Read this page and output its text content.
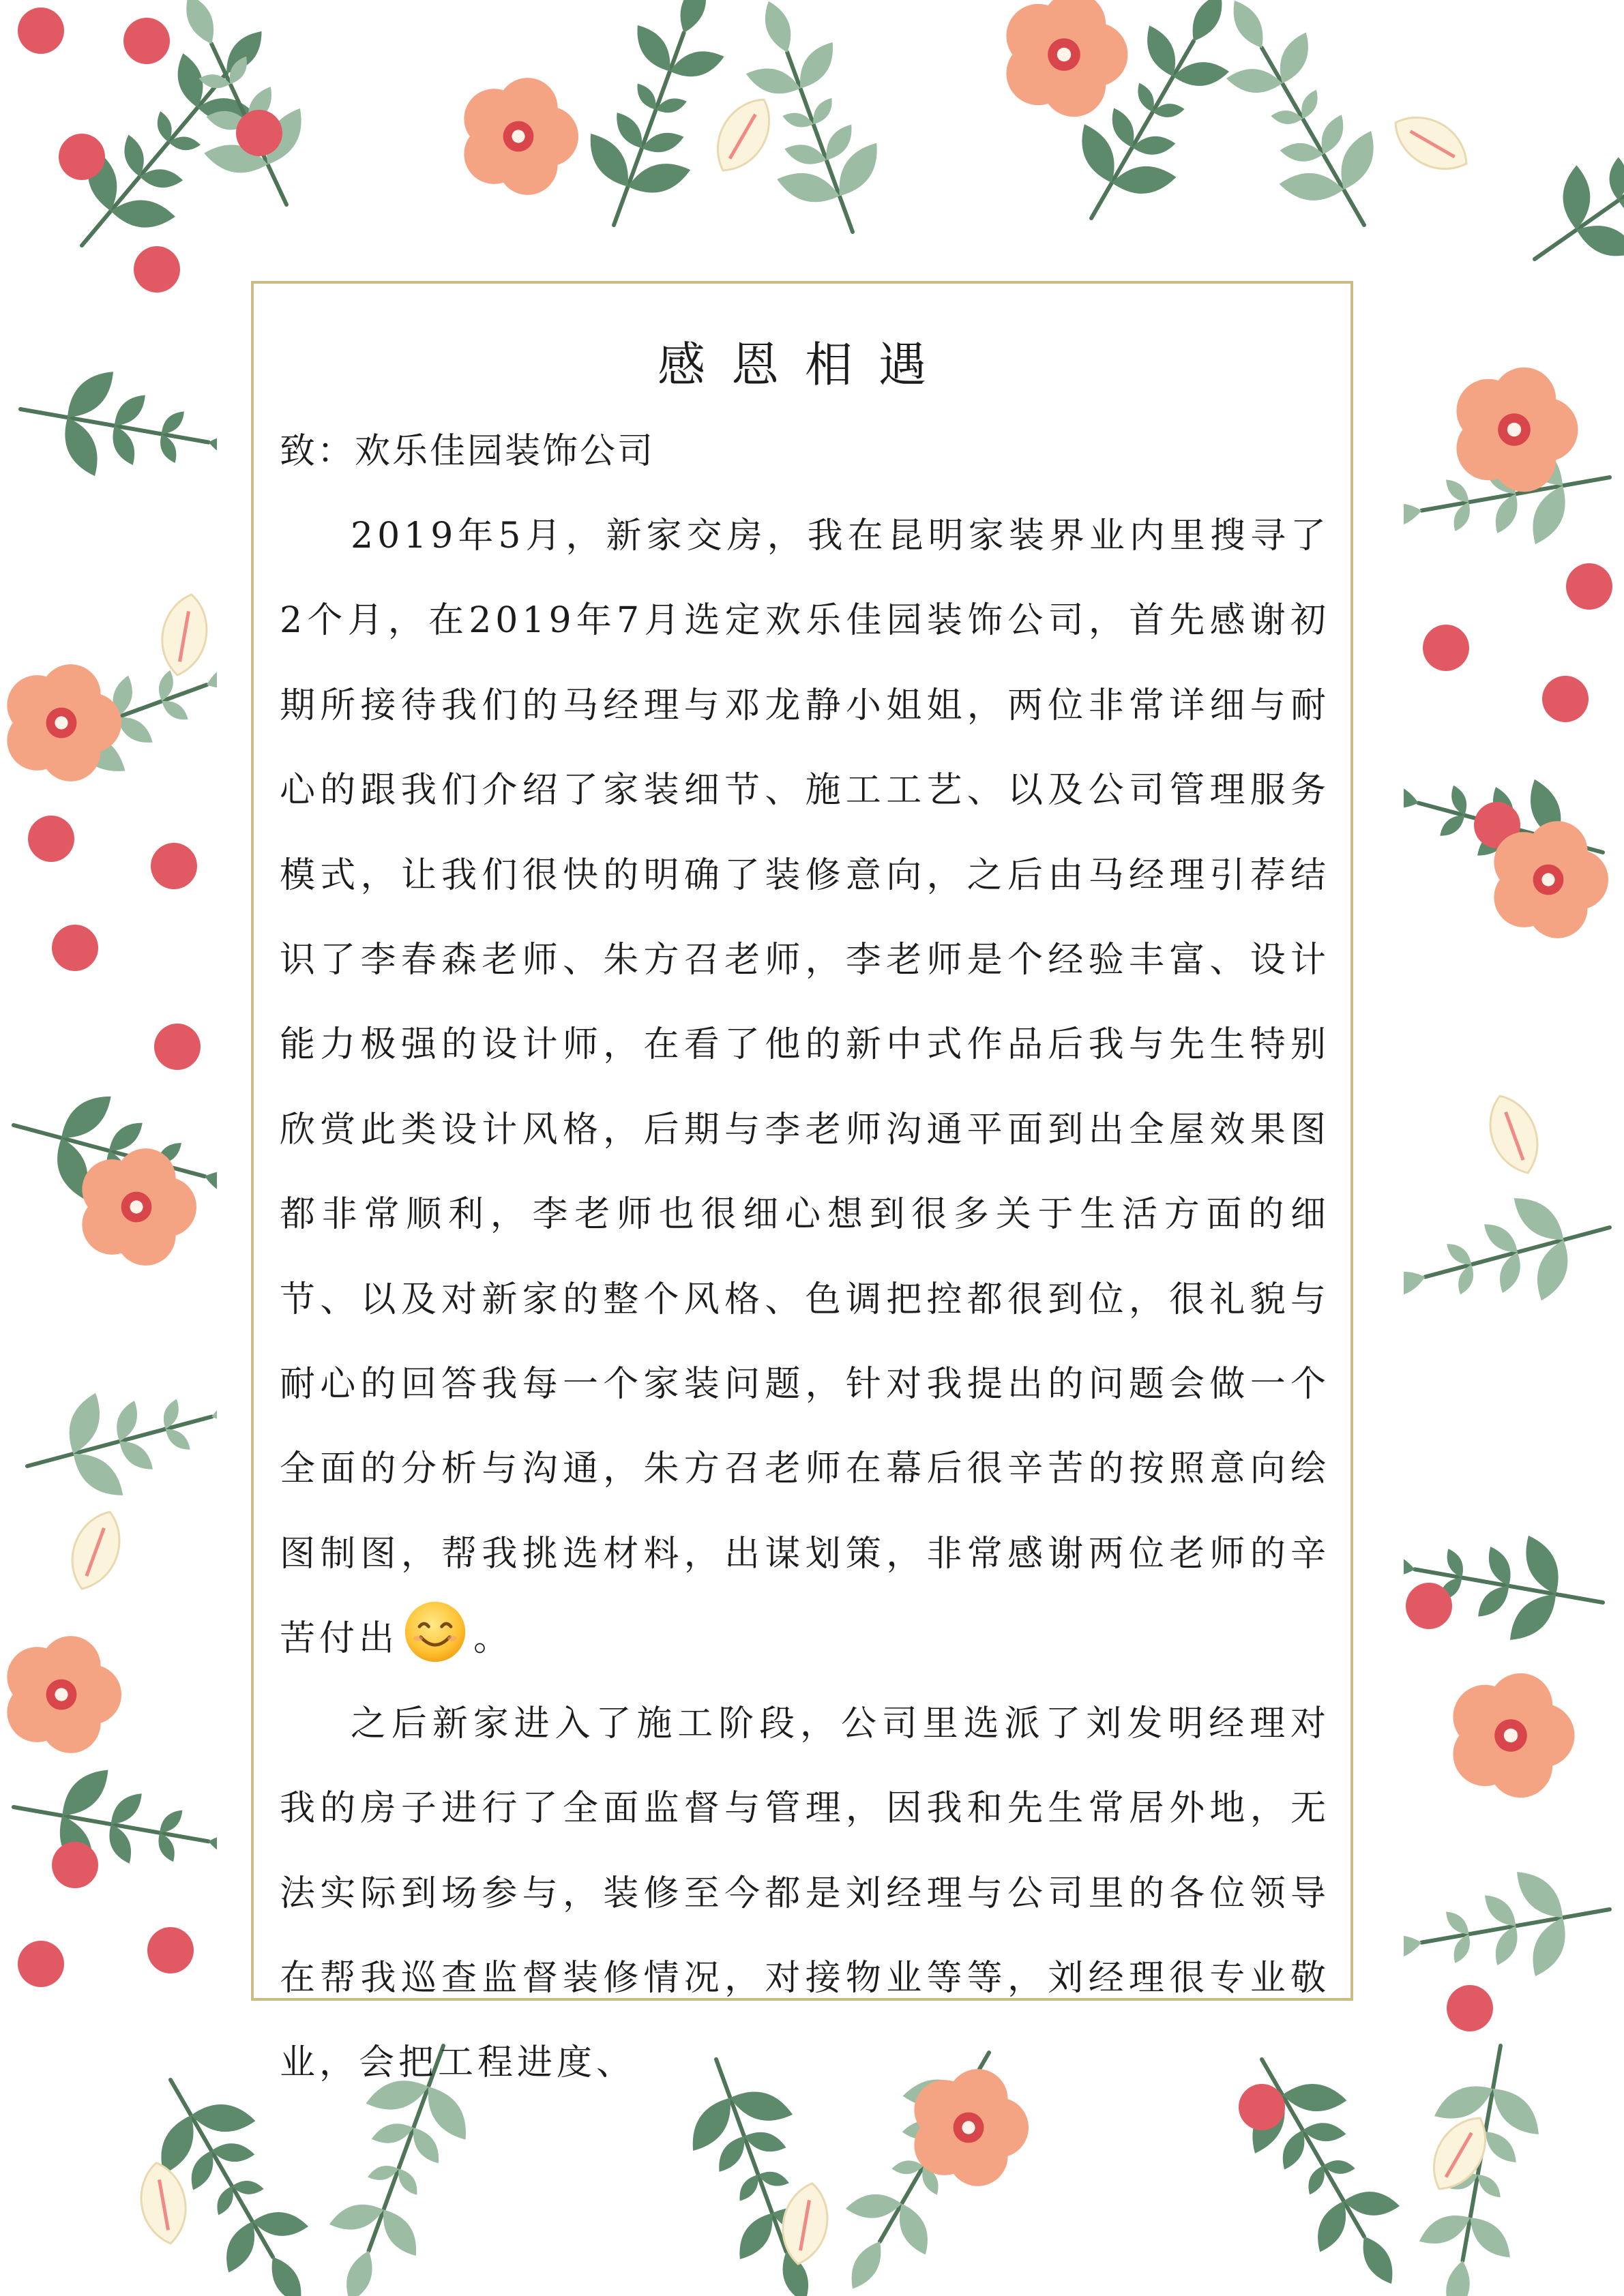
感恩相遇
致：欢乐佳园装饰公司

2019年5月，新家交房，我在昆明家装界业内里搜寻了2个月，在2019年7月选定欢乐佳园装饰公司，首先感谢初期所接待我们的马经理与邓龙静小姐姐，两位非常详细与耐心的跟我们介绍了家装细节、施工工艺、以及公司管理服务模式，让我们很快的明确了装修意向，之后由马经理引荐结识了李春森老师、朱方召老师，李老师是个经验丰富、设计能力极强的设计师，在看了他的新中式作品后我与先生特别欣赏此类设计风格，后期与李老师沟通平面到出全屋效果图都非常顺利，李老师也很细心想到很多关于生活方面的细节、以及对新家的整个风格、色调把控都很到位，很礼貌与耐心的回答我每一个家装问题，针对我提出的问题会做一个全面的分析与沟通，朱方召老师在幕后很辛苦的按照意向绘图制图，帮我挑选材料，出谋划策，非常感谢两位老师的辛苦付出 。

之后新家进入了施工阶段，公司里选派了刘发明经理对我的房子进行了全面监督与管理，因我和先生常居外地，无法实际到场参与，装修至今都是刘经理与公司里的各位领导在帮我巡查监督装修情况，对接物业等等，刘经理很专业敬业，会把工程进度、
